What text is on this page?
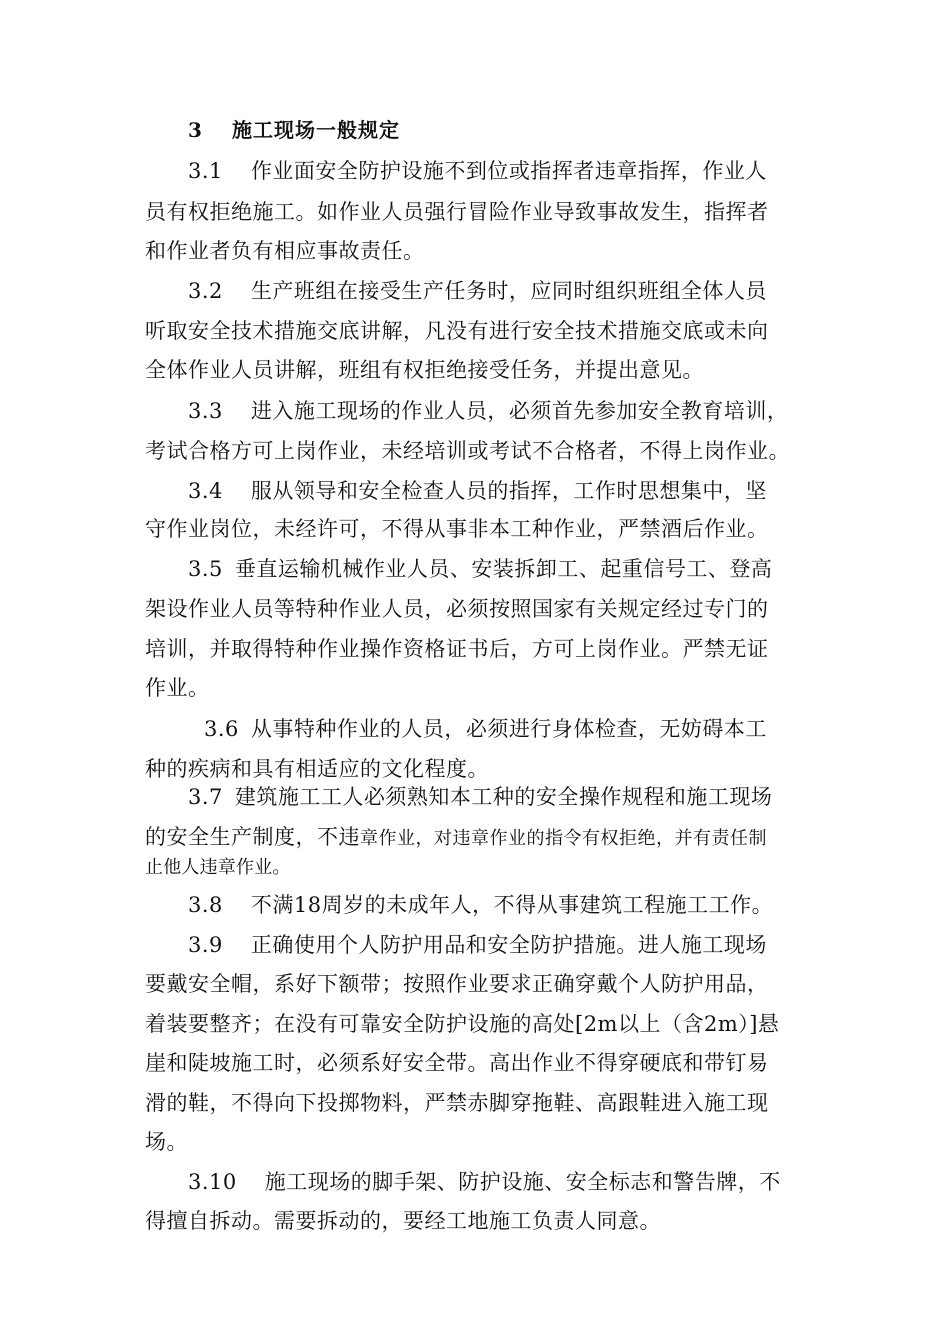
3 施工现场一般规定
3.1 作业面安全防护设施不到位或指挥者违章指挥，作业人
员有权拒绝施工。如作业人员强行冒险作业导致事故发生，指挥者
和作业者负有相应事故责任。
3.2 生产班组在接受生产任务时，应同时组织班组全体人员
听取安全技术措施交底讲解，凡没有进行安全技术措施交底或未向
全体作业人员讲解，班组有权拒绝接受任务，并提出意见。
3.3 进入施工现场的作业人员，必须首先参加安全教育培训，
考试合格方可上岗作业，未经培训或考试不合格者，不得上岗作业。
3.4 服从领导和安全检查人员的指挥，工作时思想集中，坚
守作业岗位，未经许可，不得从事非本工种作业，严禁酒后作业。
3.5 垂直运输机械作业人员、安装拆卸工、起重信号工、登高
架设作业人员等特种作业人员，必须按照国家有关规定经过专门的
培训，并取得特种作业操作资格证书后，方可上岗作业。严禁无证
作业。
3.6 从事特种作业的人员，必须进行身体检查，无妨碍本工
种的疾病和具有相适应的文化程度。
3.7 建筑施工工人必须熟知本工种的安全操作规程和施工现场
的安全生产制度，不违章作业，对违章作业的指令有权拒绝，并有责任制
止他人违章作业。
3.8 不满18周岁的未成年人，不得从事建筑工程施工工作。
3.9 正确使用个人防护用品和安全防护措施。进人施工现场
要戴安全帽，系好下额带；按照作业要求正确穿戴个人防护用品，
着装要整齐；在没有可靠安全防护设施的高处[2m以上（含2m）]悬
崖和陡坡施工时，必须系好安全带。高出作业不得穿硬底和带钉易
滑的鞋，不得向下投掷物料，严禁赤脚穿拖鞋、高跟鞋进入施工现
场。
3.10 施工现场的脚手架、防护设施、安全标志和警告牌，不
得擅自拆动。需要拆动的，要经工地施工负责人同意。
